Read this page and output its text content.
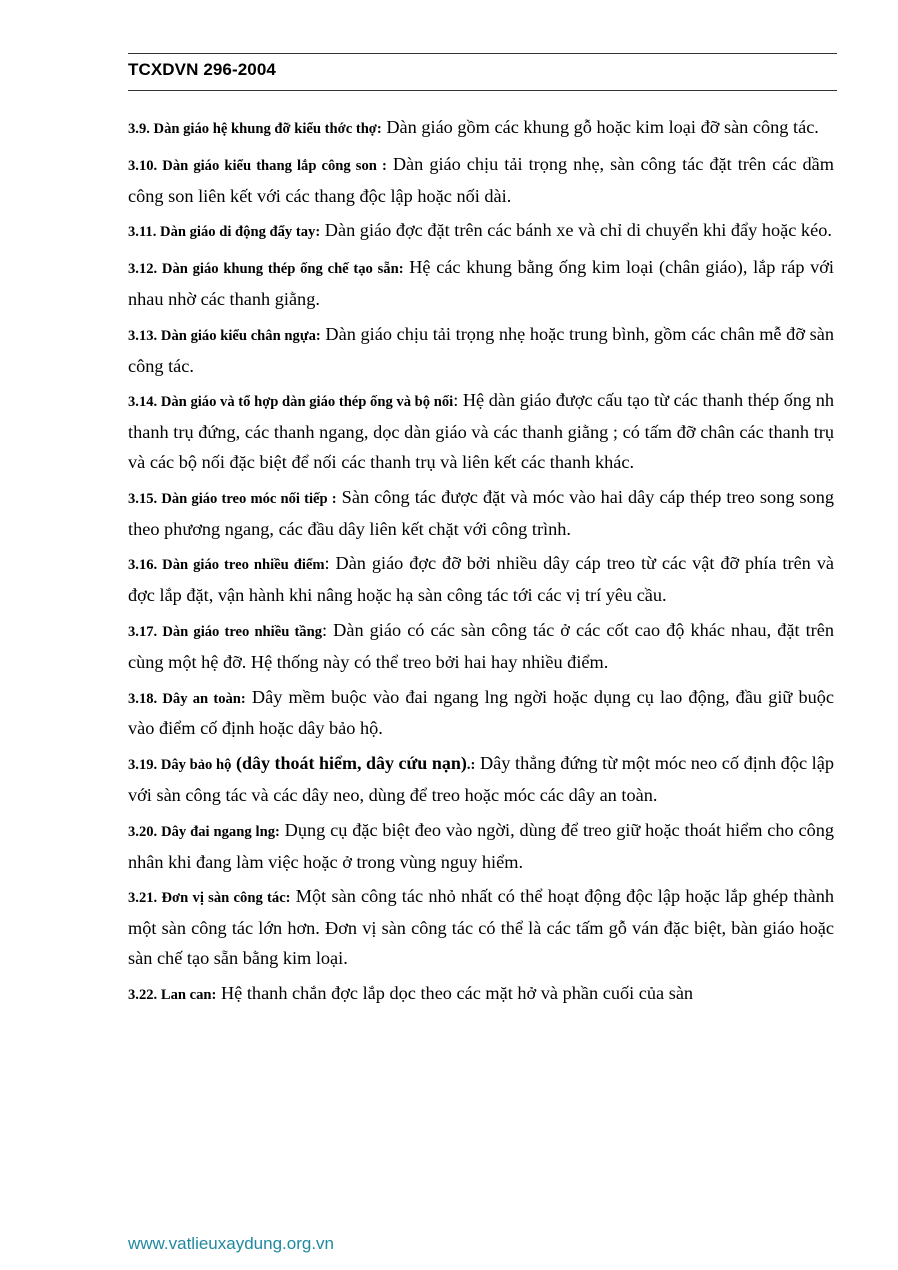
TCXDVN 296-2004

3.9. Dàn giáo hệ khung đỡ kiểu thớc thợ: Dàn giáo gồm các khung gỗ hoặc kim loại đỡ sàn công tác.

3.10. Dàn giáo kiểu thang lắp công son : Dàn giáo chịu tải trọng nhẹ, sàn công tác đặt trên các dầm công son liên kết với các thang độc lập hoặc nối dài.

3.11. Dàn giáo di động đẩy tay: Dàn giáo đợc đặt trên các bánh xe và chỉ di chuyển khi đẩy hoặc kéo.

3.12. Dàn giáo khung thép ống chế tạo sẵn: Hệ các khung bằng ống kim loại (chân giáo), lắp ráp với nhau nhờ các thanh giằng.

3.13. Dàn giáo kiểu chân ngựa: Dàn giáo chịu tải trọng nhẹ hoặc trung bình, gồm các chân mễ đỡ sàn công tác.

3.14. Dàn giáo và tổ hợp dàn giáo thép ống và bộ nối: Hệ dàn giáo được cấu tạo từ các thanh thép ống nh thanh trụ đứng, các thanh ngang, dọc dàn giáo và các thanh giằng ; có tấm đỡ chân các thanh trụ và các bộ nối đặc biệt để nối các thanh trụ và liên kết các thanh khác.

3.15. Dàn giáo treo móc nối tiếp : Sàn công tác được đặt và móc vào hai dây cáp thép treo song song theo phương ngang, các đầu dây liên kết chặt với công trình.

3.16. Dàn giáo treo nhiều điểm: Dàn giáo đợc đỡ bởi nhiều dây cáp treo từ các vật đỡ phía trên và đợc lắp đặt, vận hành khi nâng hoặc hạ sàn công tác tới các vị trí yêu cầu.

3.17. Dàn giáo treo nhiều tầng: Dàn giáo có các sàn công tác ở các cốt cao độ khác nhau, đặt trên cùng một hệ đỡ. Hệ thống này có thể treo bởi hai hay nhiều điểm.

3.18. Dây an toàn: Dây mềm buộc vào đai ngang lng ngời hoặc dụng cụ lao động, đầu giữ buộc vào điểm cố định hoặc dây bảo hộ.

3.19. Dây bảo hộ (dây thoát hiểm, dây cứu nạn).: Dây thẳng đứng từ một móc neo cố định độc lập với sàn công tác và các dây neo, dùng để treo hoặc móc các dây an toàn.

3.20. Dây đai ngang lng: Dụng cụ đặc biệt đeo vào ngời, dùng để treo giữ hoặc thoát hiểm cho công nhân khi đang làm việc hoặc ở trong vùng nguy hiểm.

3.21. Đơn vị sàn công tác: Một sàn công tác nhỏ nhất có thể hoạt động độc lập hoặc lắp ghép thành một sàn công tác lớn hơn. Đơn vị sàn công tác có thể là các tấm gỗ ván đặc biệt, bàn giáo hoặc sàn chế tạo sẵn bằng kim loại.

3.22. Lan can: Hệ thanh chắn đợc lắp dọc theo các mặt hở và phần cuối của sàn

www.vatlieuxaydung.org.vn
